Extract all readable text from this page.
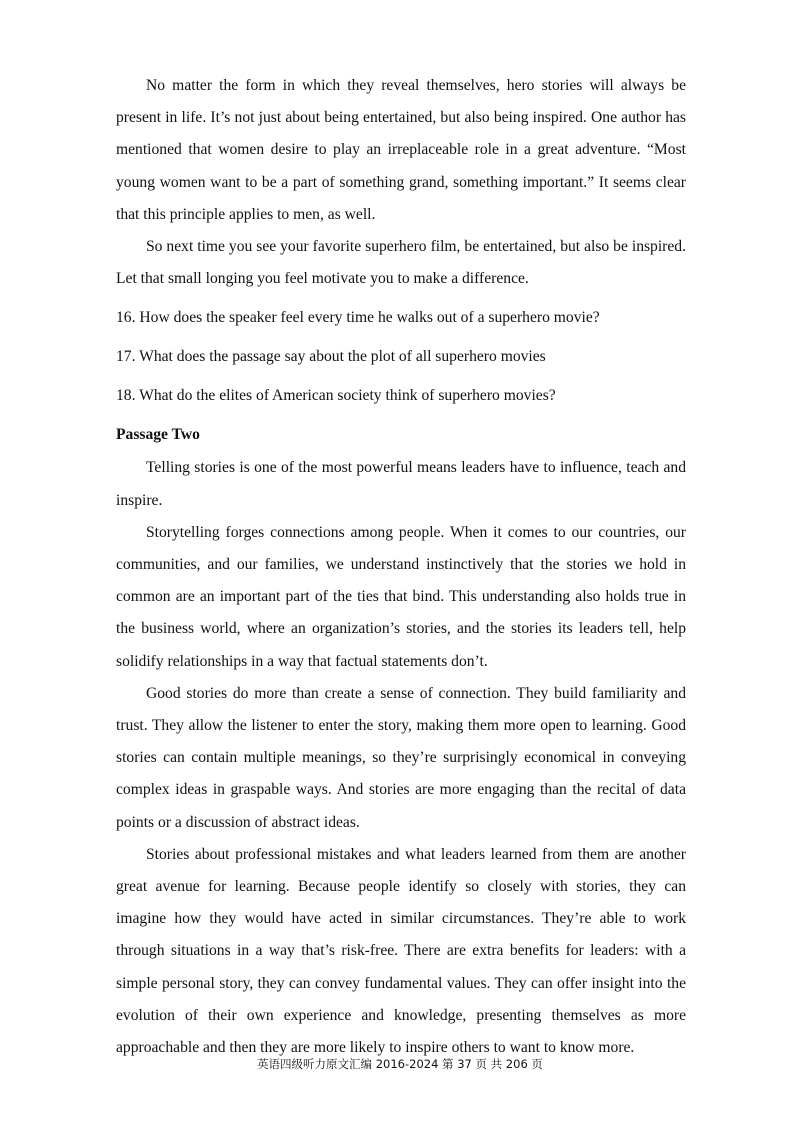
No matter the form in which they reveal themselves, hero stories will always be present in life. It’s not just about being entertained, but also being inspired. One author has mentioned that women desire to play an irreplaceable role in a great adventure. “Most young women want to be a part of something grand, something important.” It seems clear that this principle applies to men, as well.

So next time you see your favorite superhero film, be entertained, but also be inspired. Let that small longing you feel motivate you to make a difference.

16. How does the speaker feel every time he walks out of a superhero movie?

17. What does the passage say about the plot of all superhero movies

18. What do the elites of American society think of superhero movies?

Passage Two

Telling stories is one of the most powerful means leaders have to influence, teach and inspire.

Storytelling forges connections among people. When it comes to our countries, our communities, and our families, we understand instinctively that the stories we hold in common are an important part of the ties that bind. This understanding also holds true in the business world, where an organization’s stories, and the stories its leaders tell, help solidify relationships in a way that factual statements don’t.

Good stories do more than create a sense of connection. They build familiarity and trust. They allow the listener to enter the story, making them more open to learning. Good stories can contain multiple meanings, so they’re surprisingly economical in conveying complex ideas in graspable ways. And stories are more engaging than the recital of data points or a discussion of abstract ideas.

Stories about professional mistakes and what leaders learned from them are another great avenue for learning. Because people identify so closely with stories, they can imagine how they would have acted in similar circumstances. They’re able to work through situations in a way that’s risk-free. There are extra benefits for leaders: with a simple personal story, they can convey fundamental values. They can offer insight into the evolution of their own experience and knowledge, presenting themselves as more approachable and then they are more likely to inspire others to want to know more.

英语四级听力原文汇编 2016-2024 第 37 页 共 206 页
